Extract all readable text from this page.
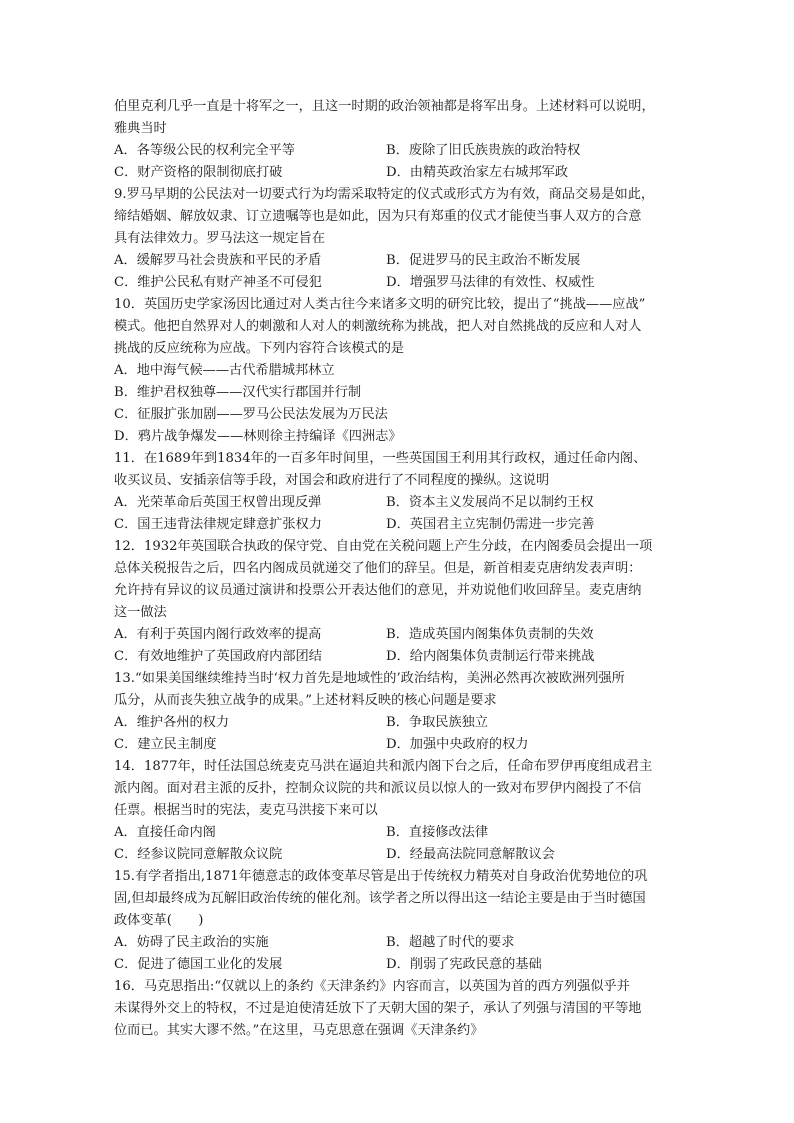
伯里克利几乎一直是十将军之一，且这一时期的政治领袖都是将军出身。上述材料可以说明，
雅典当时
A．各等级公民的权利完全平等	B．废除了旧氏族贵族的政治特权
C．财产资格的限制彻底打破	D．由精英政治家左右城邦军政
9.罗马早期的公民法对一切要式行为均需采取特定的仪式或形式方为有效，商品交易是如此，
缔结婚姻、解放奴隶、订立遗嘱等也是如此，因为只有郑重的仪式才能使当事人双方的合意
具有法律效力。罗马法这一规定旨在
A．缓解罗马社会贵族和平民的矛盾	B．促进罗马的民主政治不断发展
C．维护公民私有财产神圣不可侵犯	D．增强罗马法律的有效性、权威性
10．英国历史学家汤因比通过对人类古往今来诸多文明的研究比较，提出了“挑战——应战”
模式。他把自然界对人的刺激和人对人的刺激统称为挑战，把人对自然挑战的反应和人对人
挑战的反应统称为应战。下列内容符合该模式的是
A．地中海气候——古代希腊城邦林立
B．维护君权独尊——汉代实行郡国并行制
C．征服扩张加剧——罗马公民法发展为万民法
D．鸦片战争爆发——林则徐主持编译《四洲志》
11．在1689年到1834年的一百多年时间里，一些英国国王利用其行政权，通过任命内阁、
收买议员、安插亲信等手段，对国会和政府进行了不同程度的操纵。这说明
A．光荣革命后英国王权曾出现反弹	B．资本主义发展尚不足以制约王权
C．国王违背法律规定肆意扩张权力	D．英国君主立宪制仍需进一步完善
12．1932年英国联合执政的保守党、自由党在关税问题上产生分歧，在内阁委员会提出一项
总体关税报告之后，四名内阁成员就递交了他们的辞呈。但是，新首相麦克唐纳发表声明：
允许持有异议的议员通过演讲和投票公开表达他们的意见，并劝说他们收回辞呈。麦克唐纳
这一做法
A．有利于英国内阁行政效率的提高	B．造成英国内阁集体负责制的失效
C．有效地维护了英国政府内部团结	D．给内阁集体负责制运行带来挑战
13.“如果美国继续维持当时‘权力首先是地域性的’政治结构，美洲必然再次被欧洲列强所
瓜分，从而丧失独立战争的成果。”上述材料反映的核心问题是要求
A．维护各州的权力	B．争取民族独立
C．建立民主制度	D．加强中央政府的权力
14．1877年，时任法国总统麦克马洪在逼迫共和派内阁下台之后，任命布罗伊再度组成君主
派内阁。面对君主派的反扑，控制众议院的共和派议员以惊人的一致对布罗伊内阁投了不信
任票。根据当时的宪法，麦克马洪接下来可以
A．直接任命内阁	B．直接修改法律
C．经参议院同意解散众议院	D．经最高法院同意解散议会
15.有学者指出,1871年德意志的政体变革尽管是出于传统权力精英对自身政治优势地位的巩
固,但却最终成为瓦解旧政治传统的催化剂。该学者之所以得出这一结论主要是由于当时德国
政体变革(　　)
A．妨碍了民主政治的实施	B．超越了时代的要求
C．促进了德国工业化的发展	D．削弱了宪政民意的基础
16．马克思指出:“仅就以上的条约《天津条约》内容而言，以英国为首的西方列强似乎并
未谋得外交上的特权，不过是迫使清廷放下了天朝大国的架子，承认了列强与清国的平等地
位而已。其实大谬不然。”在这里，马克思意在强调《天津条约》
